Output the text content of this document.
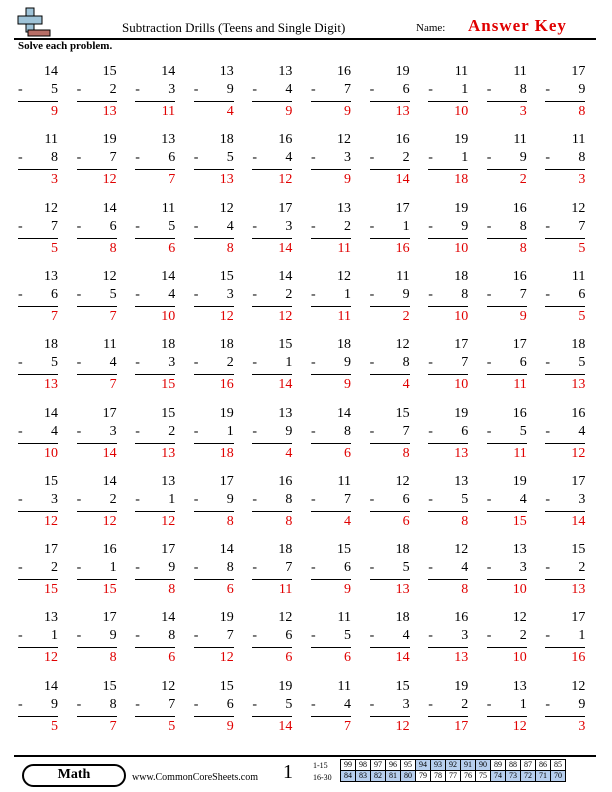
Subtraction Drills (Teens and Single Digit)	Name: Answer Key
Solve each problem.
14
- 5
9
15
- 2
13
14
- 3
11
13
- 9
4
13
- 4
9
16
- 7
9
19
- 6
13
11
- 1
10
11
- 8
3
17
- 9
8
11
- 8
3
19
- 7
12
13
- 6
7
18
- 5
13
16
- 4
12
12
- 3
9
16
- 2
14
19
- 1
18
11
- 9
2
11
- 8
3
12
- 7
5
14
- 6
8
11
- 5
6
12
- 4
8
17
- 3
14
13
- 2
11
17
- 1
16
19
- 9
10
16
- 8
8
12
- 7
5
13
- 6
7
12
- 5
7
14
- 4
10
15
- 3
12
14
- 2
12
12
- 1
11
11
- 9
2
18
- 8
10
16
- 7
9
11
- 6
5
18
- 5
13
11
- 4
7
18
- 3
15
18
- 2
16
15
- 1
14
18
- 9
9
12
- 8
4
17
- 7
10
17
- 6
11
18
- 5
13
14
- 4
10
17
- 3
14
15
- 2
13
19
- 1
18
13
- 9
4
14
- 8
6
15
- 7
8
19
- 6
13
16
- 5
11
16
- 4
12
15
- 3
12
14
- 2
12
13
- 1
12
17
- 9
8
16
- 8
8
11
- 7
4
12
- 6
6
13
- 5
8
19
- 4
15
17
- 3
14
17
- 2
15
16
- 1
15
17
- 9
8
14
- 8
6
18
- 7
11
15
- 6
9
18
- 5
13
12
- 4
8
13
- 3
10
15
- 2
13
13
- 1
12
17
- 9
8
14
- 8
6
19
- 7
12
12
- 6
6
11
- 5
6
18
- 4
14
16
- 3
13
12
- 2
10
17
- 1
16
14
- 9
5
15
- 8
7
12
- 7
5
15
- 6
9
19
- 5
14
11
- 4
7
15
- 3
12
19
- 2
17
13
- 1
12
12
- 9
3
Math	www.CommonCoreSheets.com 1	1-15
16-30
99	98	97	96	95	94	93	92	91	90	89	88	87	86	85
84	83	82	81	80	79	78	77	76	75	74	73	72	71	70
